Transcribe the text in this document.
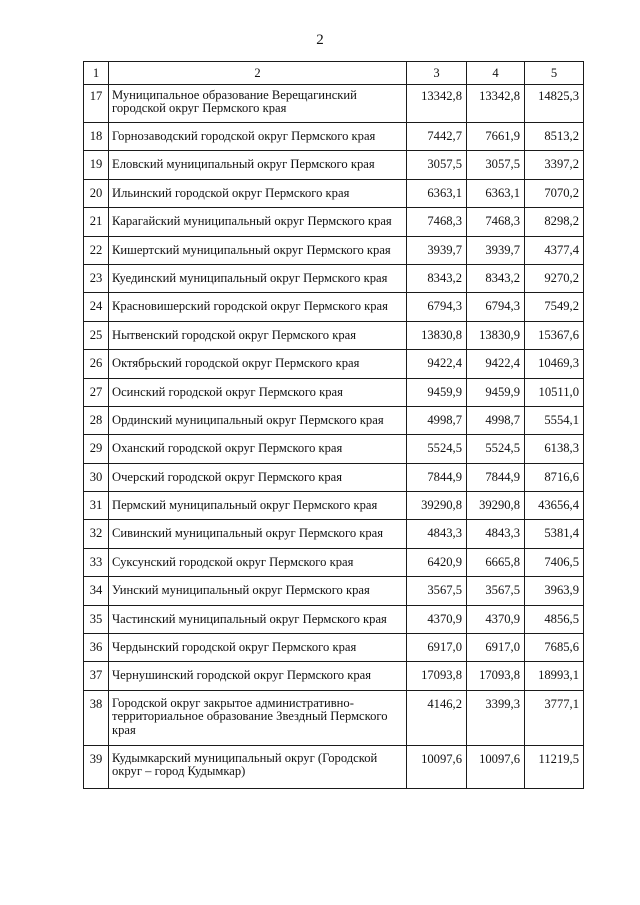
2
1	2	3	4	5
17	Муниципальное образование Верещагинский городской округ Пермского края	13342,8	13342,8	14825,3
18	Горнозаводский городской округ Пермского края	7442,7	7661,9	8513,2
19	Еловский муниципальный округ Пермского края	3057,5	3057,5	3397,2
20	Ильинский городской округ Пермского края	6363,1	6363,1	7070,2
21	Карагайский муниципальный округ Пермского края	7468,3	7468,3	8298,2
22	Кишертский муниципальный округ Пермского края	3939,7	3939,7	4377,4
23	Куединский муниципальный округ Пермского края	8343,2	8343,2	9270,2
24	Красновишерский городской округ Пермского края	6794,3	6794,3	7549,2
25	Нытвенский городской округ Пермского края	13830,8	13830,9	15367,6
26	Октябрьский городской округ Пермского края	9422,4	9422,4	10469,3
27	Осинский городской округ Пермского края	9459,9	9459,9	10511,0
28	Ординский муниципальный округ Пермского края	4998,7	4998,7	5554,1
29	Оханский городской округ Пермского края	5524,5	5524,5	6138,3
30	Очерский городской округ Пермского края	7844,9	7844,9	8716,6
31	Пермский муниципальный округ Пермского края	39290,8	39290,8	43656,4
32	Сивинский муниципальный округ Пермского края	4843,3	4843,3	5381,4
33	Суксунский городской округ Пермского края	6420,9	6665,8	7406,5
34	Уинский муниципальный округ Пермского края	3567,5	3567,5	3963,9
35	Частинский муниципальный округ Пермского края	4370,9	4370,9	4856,5
36	Чердынский городской округ Пермского края	6917,0	6917,0	7685,6
37	Чернушинский городской округ Пермского края	17093,8	17093,8	18993,1
38	Городской округ закрытое административно-территориальное образование Звездный Пермского края	4146,2	3399,3	3777,1
39	Кудымкарский муниципальный округ (Городской округ – город Кудымкар)	10097,6	10097,6	11219,5
